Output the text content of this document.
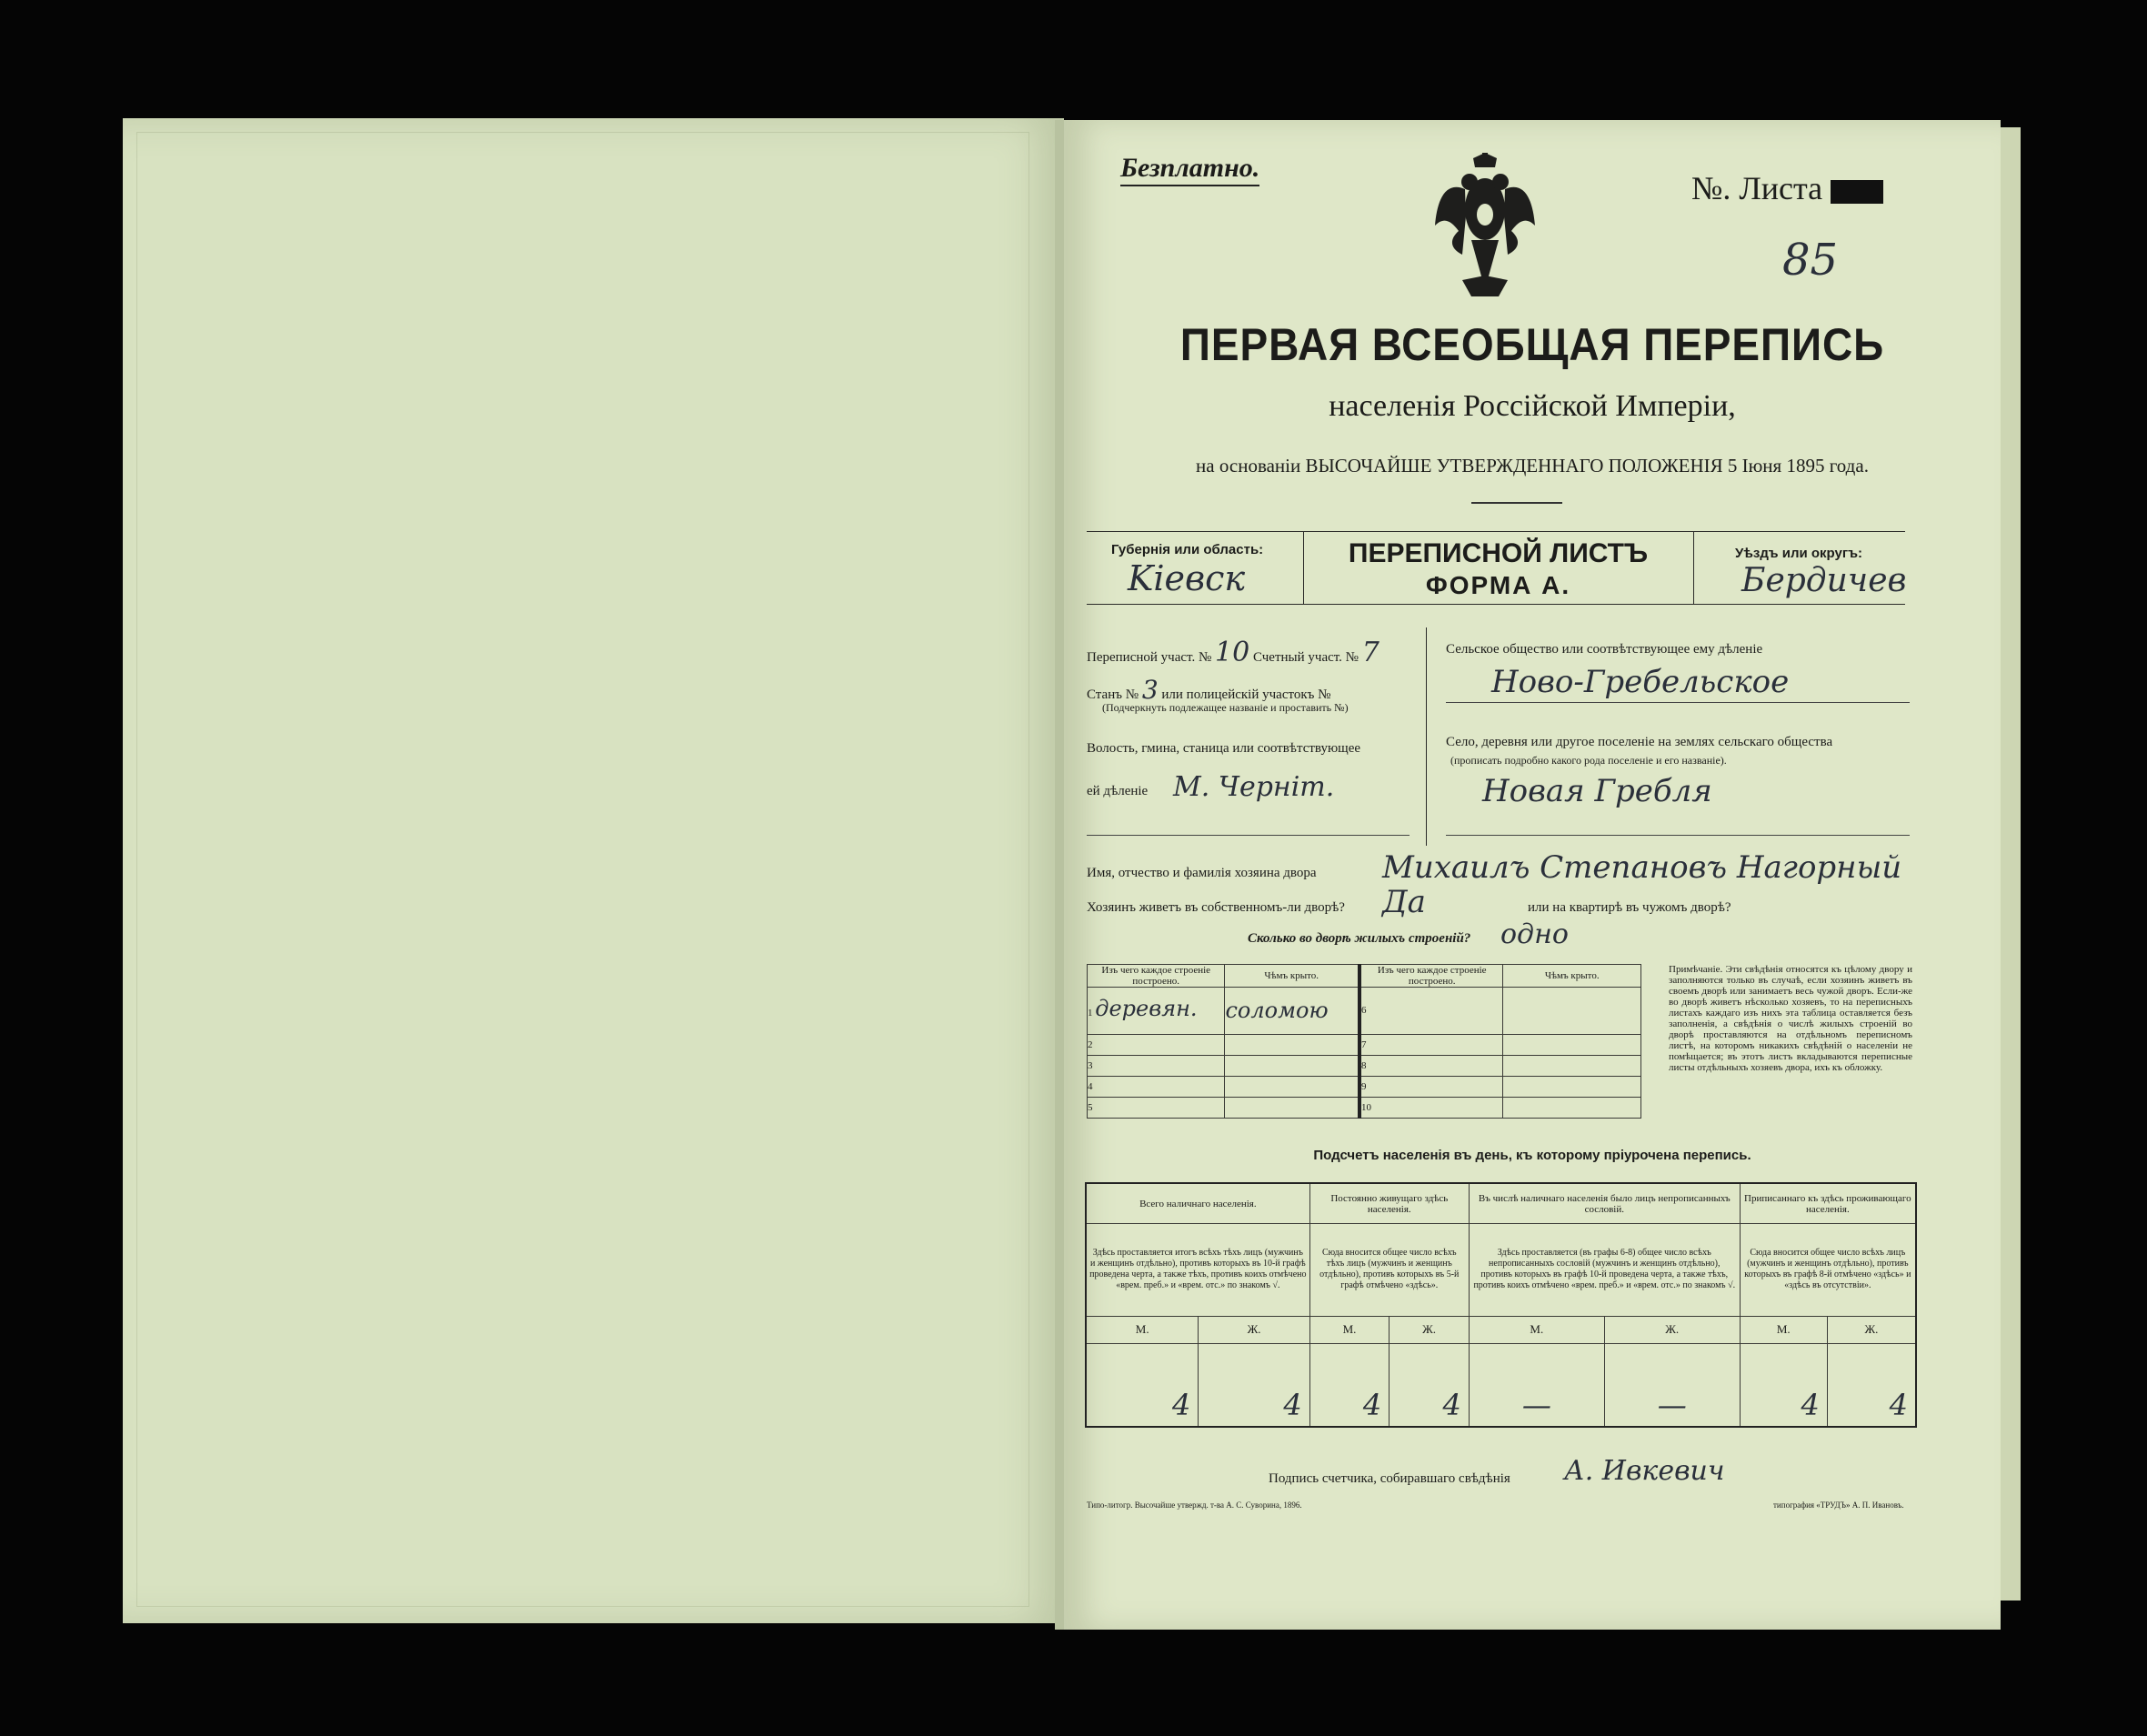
Безплатно.
№. Листа
85
ПЕРВАЯ ВСЕОБЩАЯ ПЕРЕПИСЬ
населенія Россійской Имперіи,
на основаніи ВЫСОЧАЙШЕ УТВЕРЖДЕННАГО ПОЛОЖЕНІЯ 5 Іюня 1895 года.
Губернія или область:
Kieвск
ПЕРЕПИСНОЙ ЛИСТЪ
ФОРМА А.
Уѣздъ или округъ:
Бердичев
Переписной участ. № 10 Счетный участ. № 7
Станъ № 3 или полицейскій участокъ №
(Подчеркнуть подлежащее названіе и проставить №)
Волость, гмина, станица или соотвѣтствующее
ей дѣленіе М. Черніт.
Сельское общество или соотвѣтствующее ему дѣленіе
Ново-Гребельское
Село, деревня или другое поселеніе на землях сельскаго общества
(прописать подробно какого рода поселеніе и его названіе).
Новая Гребля
Имя, отчество и фамилія хозяина двора Михаилъ Степановъ Нагорный
Хозяинъ живетъ въ собственномъ-ли дворѣ? Да	или на квартирѣ въ чужомъ дворѣ?
Сколько во дворѣ жилыхъ строеній? одно
Изъ чего каждое строеніе построено.	Чѣмъ крыто.	Изъ чего каждое строеніе построено.	Чѣмъ крыто.
1 деревян.	соломою	6	
2		7	
3		8	
4		9	
5		10	
Примѣчаніе. Эти свѣдѣнія относятся къ цѣлому двору и заполняются только въ случаѣ, если хозяинъ живетъ въ своемъ дворѣ или занимаетъ весь чужой дворъ. Если-же во дворѣ живетъ нѣсколько хозяевъ, то на переписныхъ листахъ каждаго изъ нихъ эта таблица оставляется безъ заполненія, а свѣдѣнія о числѣ жилыхъ строеній во дворѣ проставляются на отдѣльномъ переписномъ листѣ, на которомъ никакихъ свѣдѣній о населеніи не помѣщается; въ этотъ листъ вкладываются переписные листы отдѣльныхъ хозяевъ двора, ихъ къ обложку.
Подсчетъ населенія въ день, къ которому пріурочена перепись.
Всего наличнаго населенія.		Постоянно живущаго здѣсь населенія.		Въ числѣ наличнаго населенія было лицъ непрописанныхъ сословій.		Приписаннаго къ здѣсь проживающаго населенія.	
Здѣсь проставляется итогъ всѣхъ тѣхъ лицъ (мужчинъ и женщинъ отдѣльно), противъ которыхъ въ 10-й графѣ проведена черта, а также тѣхъ, противъ коихъ отмѣчено «врем. преб.» и «врем. отс.» по знакомъ √.		Сюда вносится общее число всѣхъ тѣхъ лицъ (мужчинъ и женщинъ отдѣльно), противъ которыхъ въ 5-й графѣ отмѣчено «здѣсь».		Здѣсь проставляется (въ графы 6-8) общее число всѣхъ непрописанныхъ сословій (мужчинъ и женщинъ отдѣльно), противъ которыхъ въ графѣ 10-й проведена черта, а также тѣхъ, противъ коихъ отмѣчено «врем. преб.» и «врем. отс.» по знакомъ √.		Сюда вносится общее число всѣхъ лицъ (мужчинъ и женщинъ отдѣльно), противъ которыхъ въ графѣ 8-й отмѣчено «здѣсь» и «здѣсь въ отсутствіи».	
М.	Ж.	М.	Ж.	М.	Ж.	М.	Ж.
4	4	4	4	—	—	4	4
Подпись счетчика, собиравшаго свѣдѣнія А. Ивкевич
Типо-литогр. Высочайше утвержд. т-ва А. С. Суворина, 1896.	типография «ТРУДЪ» А. П. Ивановъ.
